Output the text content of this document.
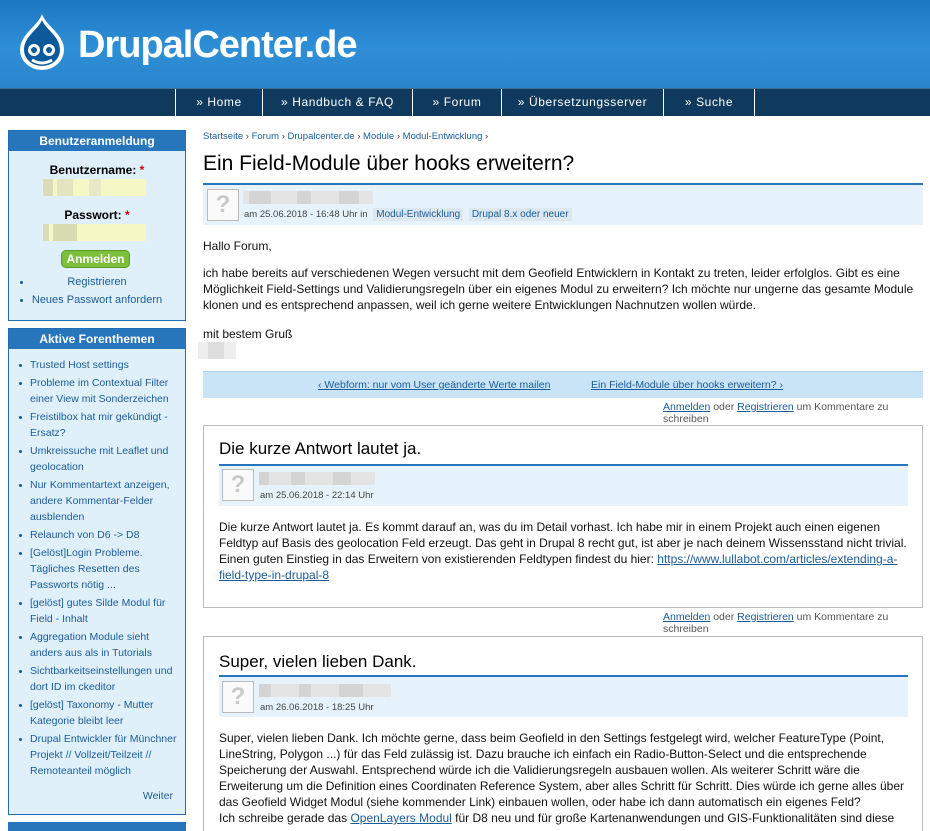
DrupalCenter.de
» Home	» Handbuch & FAQ	» Forum	» Übersetzungsserver	» Suche
Benutzeranmeldung
Benutzername: *
Passwort: *
Anmelden
Registrieren
Neues Passwort anfordern
Aktive Forenthemen
Trusted Host settings
Probleme im Contextual Filter einer View mit Sonderzeichen
Freistilbox hat mir gekündigt - Ersatz?
Umkreissuche mit Leaflet und geolocation
Nur Kommentartext anzeigen, andere Kommentar-Felder ausblenden
Relaunch von D6 -> D8
[Gelöst]Login Probleme. Tägliches Resetten des Passworts nötig ...
[gelöst] gutes Silde Modul für Field - Inhalt
Aggregation Module sieht anders aus als in Tutorials
Sichtbarkeitseinstellungen und dort ID im ckeditor
[gelöst] Taxonomy - Mutter Kategorie bleibt leer
Drupal Entwickler für Münchner Projekt // Vollzeit/Teilzeit // Remoteanteil möglich
Weiter
Startseite › Forum › Drupalcenter.de › Module › Modul-Entwicklung ›
Ein Field-Module über hooks erweitern?
?	am 25.06.2018 - 16:48 Uhr in Modul-Entwicklung Drupal 8.x oder neuer
Hallo Forum,
ich habe bereits auf verschiedenen Wegen versucht mit dem Geofield Entwicklern in Kontakt zu treten, leider erfolglos. Gibt es eine Möglichkeit Field-Settings und Validierungsregeln über ein eigenes Modul zu erweitern? Ich möchte nur ungerne das gesamte Module klonen und es entsprechend anpassen, weil ich gerne weitere Entwicklungen Nachnutzen wollen würde.
mit bestem Gruß
‹ Webform: nur vom User geänderte Werte mailen	Ein Field-Module über hooks erweitern? ›
Anmelden oder Registrieren um Kommentare zu schreiben
Die kurze Antwort lautet ja.
?	am 25.06.2018 - 22:14 Uhr
Die kurze Antwort lautet ja. Es kommt darauf an, was du im Detail vorhast. Ich habe mir in einem Projekt auch einen eigenen Feldtyp auf Basis des geolocation Feld erzeugt. Das geht in Drupal 8 recht gut, ist aber je nach deinem Wissensstand nicht trivial. Einen guten Einstieg in das Erweitern von existierenden Feldtypen findest du hier: https://www.lullabot.com/articles/extending-a-field-type-in-drupal-8
Anmelden oder Registrieren um Kommentare zu schreiben
Super, vielen lieben Dank.
?	am 26.06.2018 - 18:25 Uhr
Super, vielen lieben Dank. Ich möchte gerne, dass beim Geofield in den Settings festgelegt wird, welcher FeatureType (Point, LineString, Polygon ...) für das Feld zulässig ist. Dazu brauche ich einfach ein Radio-Button-Select und die entsprechende Speicherung der Auswahl. Entsprechend würde ich die Validierungsregeln ausbauen wollen. Als weiterer Schritt wäre die Erweiterung um die Definition eines Coordinaten Reference System, aber alles Schritt für Schritt. Dies würde ich gerne alles über das Geofield Widget Modul (siehe kommender Link) einbauen wollen, oder habe ich dann automatisch ein eigenes Feld?
Ich schreibe gerade das OpenLayers Modul für D8 neu und für große Kartenanwendungen und GIS-Funktionalitäten sind diese
